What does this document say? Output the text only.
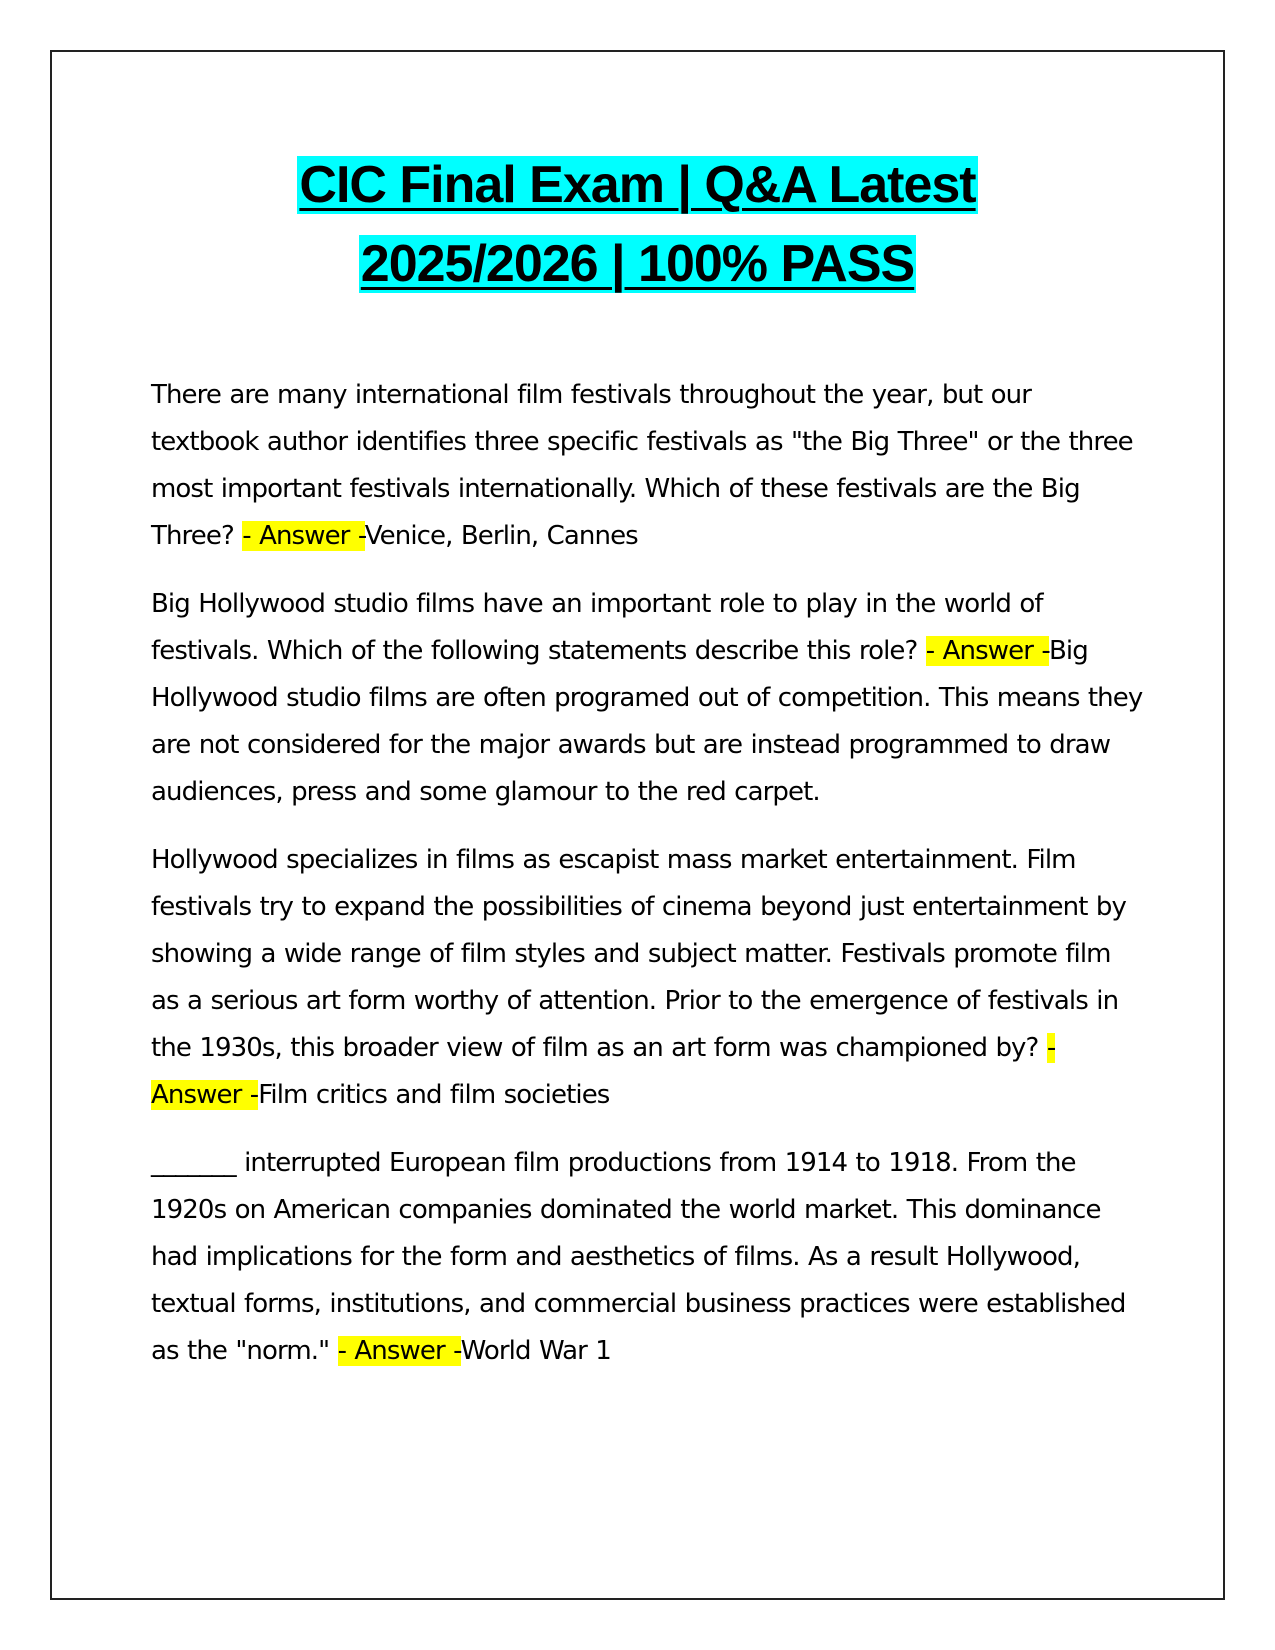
CIC Final Exam | Q&A Latest
2025/2026 | 100% PASS

There are many international film festivals throughout the year, but our textbook author identifies three specific festivals as "the Big Three" or the three most important festivals internationally. Which of these festivals are the Big Three? - Answer -Venice, Berlin, Cannes

Big Hollywood studio films have an important role to play in the world of festivals. Which of the following statements describe this role? - Answer -Big Hollywood studio films are often programed out of competition. This means they are not considered for the major awards but are instead programmed to draw audiences, press and some glamour to the red carpet.

Hollywood specializes in films as escapist mass market entertainment. Film festivals try to expand the possibilities of cinema beyond just entertainment by showing a wide range of film styles and subject matter. Festivals promote film as a serious art form worthy of attention. Prior to the emergence of festivals in the 1930s, this broader view of film as an art form was championed by? - Answer -Film critics and film societies

_______ interrupted European film productions from 1914 to 1918. From the 1920s on American companies dominated the world market. This dominance had implications for the form and aesthetics of films. As a result Hollywood, textual forms, institutions, and commercial business practices were established as the "norm." - Answer -World War 1
